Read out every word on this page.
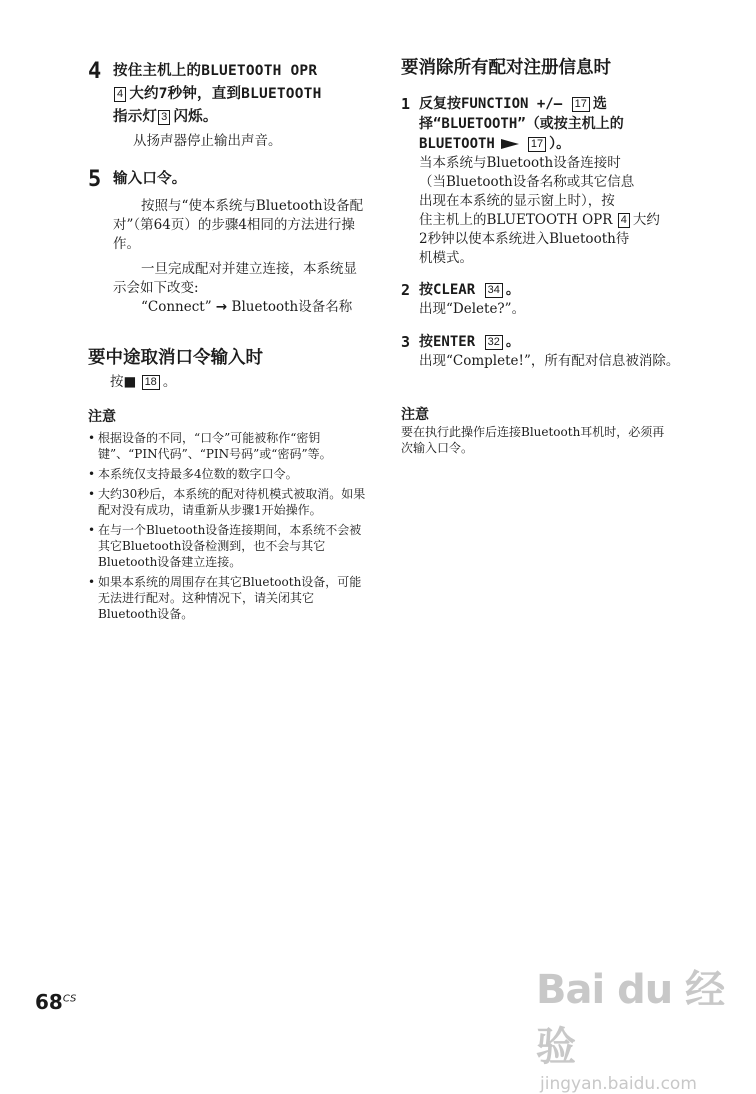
4 按住主机上的BLUETOOTH OPR
4 大约7秒钟，直到BLUETOOTH
指示灯 3 闪烁。
从扬声器停止输出声音。
5 输入口令。
按照与“使本系统与Bluetooth设备配对”（第64页）的步骤4相同的方法进行操作。
一旦完成配对并建立连接，本系统显示会如下改变:
“Connect” → Bluetooth设备名称
要中途取消口令输入时
按■ 18 。
注意
• 根据设备的不同，“口令”可能被称作“密钥键”、“PIN代码”、“PIN号码”或“密码”等。
• 本系统仅支持最多4位数的数字口令。
• 大约30秒后，本系统的配对待机模式被取消。如果配对没有成功，请重新从步骤1开始操作。
• 在与一个Bluetooth设备连接期间，本系统不会被其它Bluetooth设备检测到，也不会与其它Bluetooth设备建立连接。
• 如果本系统的周围存在其它Bluetooth设备，可能无法进行配对。这种情况下，请关闭其它Bluetooth设备。
要消除所有配对注册信息时
1 反复按FUNCTION +/– 17 选
择“BLUETOOTH”（或按主机上的
BLUETOOTH	17 ）。
当本系统与Bluetooth设备连接时
（当Bluetooth设备名称或其它信息
出现在本系统的显示窗上时），按
住主机上的BLUETOOTH OPR 4 大约
2秒钟以使本系统进入Bluetooth待
机模式。
2 按CLEAR 34 。
出现“Delete?”。
3 按ENTER 32 。
出现“Complete!”，所有配对信息被消除。
注意
要在执行此操作后连接Bluetooth耳机时，必须再次输入口令。
$68^{CS}$	Bai du 经验
jingyan.baidu.com
